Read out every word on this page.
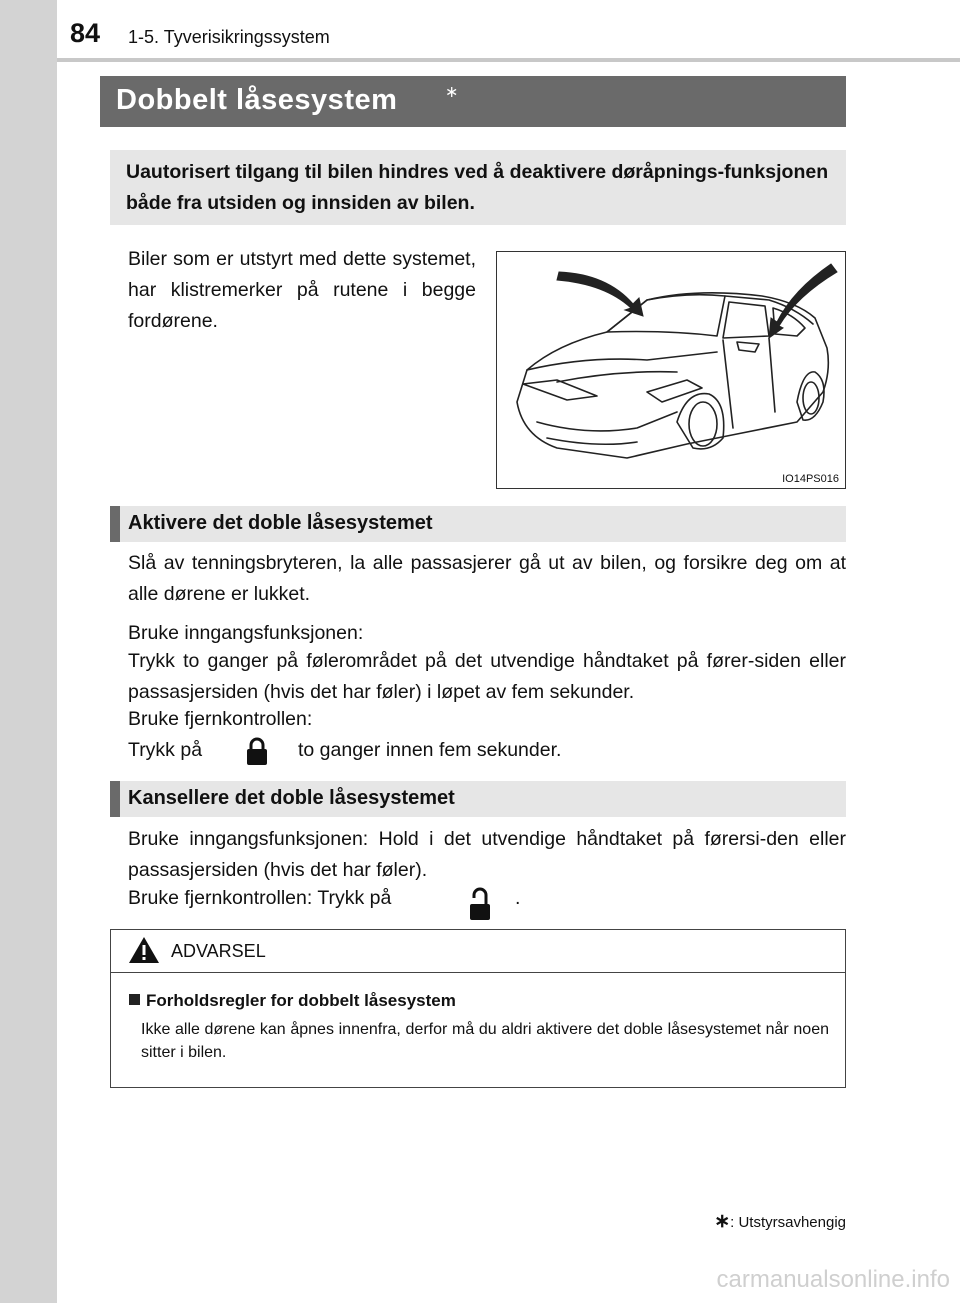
84 1-5. Tyverisikringssystem
Dobbelt låsesystem	∗
Uautorisert tilgang til bilen hindres ved å deaktivere døråpnings-funksjonen både fra utsiden og innsiden av bilen.
Biler som er utstyrt med dette systemet, har klistremerker på rutene i begge fordørene.
IO14PS016
Aktivere det doble låsesystemet
Slå av tenningsbryteren, la alle passasjerer gå ut av bilen, og forsikre deg om at alle dørene er lukket.
Bruke inngangsfunksjonen:
Trykk to ganger på følerområdet på det utvendige håndtaket på fører-siden eller passasjersiden (hvis det har føler) i løpet av fem sekunder.
Bruke fjernkontrollen:
Trykk på	to ganger innen fem sekunder.
Kansellere det doble låsesystemet
Bruke inngangsfunksjonen: Hold i det utvendige håndtaket på førersi-den eller passasjersiden (hvis det har føler).
Bruke fjernkontrollen: Trykk på	.
ADVARSEL
Forholdsregler for dobbelt låsesystem
Ikke alle dørene kan åpnes innenfra, derfor må du aldri aktivere det doble låsesystemet når noen sitter i bilen.
∗: Utstyrsavhengig
carmanualsonline.info
